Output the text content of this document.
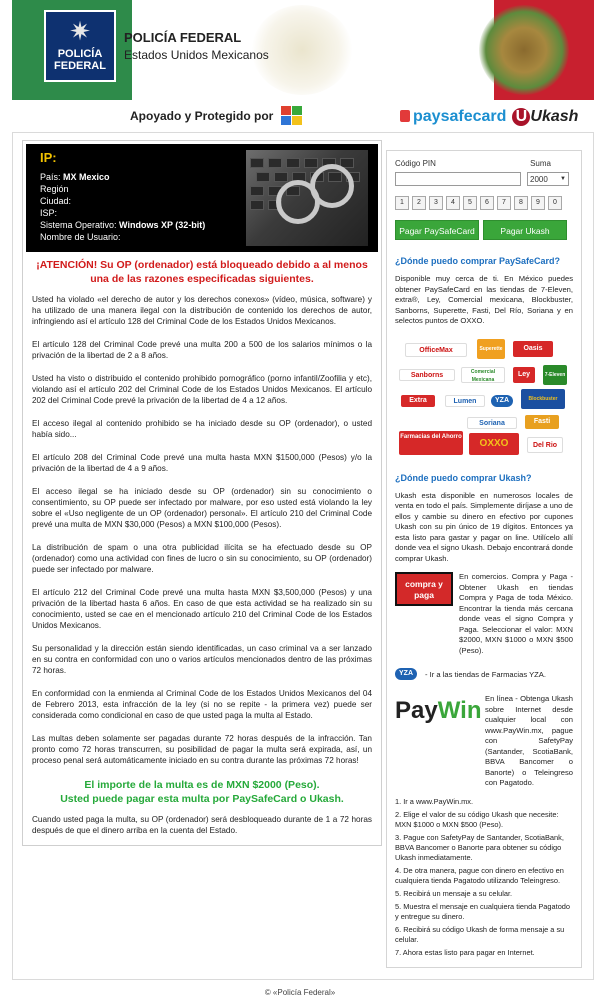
✷
POLICÍA
FEDERAL
POLICÍA FEDERAL
Estados Unidos Mexicanos
Apoyado y Protegido por	paysafecard U Ukash
IP:
País: MX Mexico
Región
Ciudad:
ISP:
Sistema Operativo: Windows XP (32-bit)
Nombre de Usuario:
¡ATENCIÓN! Su OP (ordenador) está bloqueado debido a al menos una de las razones especificadas siguientes.

Usted ha violado «el derecho de autor y los derechos conexos» (vídeo, música, software) y ha utilizado de una manera ilegal con la distribución de contenido los derechos de autor, infringiendo así el artículo 128 del Criminal Code de los Estados Unidos Mexicanos.

El artículo 128 del Criminal Code prevé una multa 200 a 500 de los salarios mínimos o la privación de la libertad de 2 a 8 años.

Usted ha visto o distribuido el contenido prohibido pornográfico (porno infantil/Zoofilia y etc), violando así el artículo 202 del Criminal Code de los Estados Unidos Mexicanos. El artículo 202 del Criminal Code prevé la privación de la libertad de 4 a 12 años.

El acceso ilegal al contenido prohibido se ha iniciado desde su OP (ordenador), o usted había sido...

El artículo 208 del Criminal Code prevé una multa hasta MXN $1500,000 (Pesos) y/o la privación de la libertad de 4 a 9 años.

El acceso ilegal se ha iniciado desde su OP (ordenador) sin su conocimiento o consentimiento, su OP puede ser infectado por malware, por eso usted está violando la ley sobre el «Uso negligente de un OP (ordenador) personal». El artículo 210 del Criminal Code prevé una multa de MXN $30,000 (Pesos) a MXN $100,000 (Pesos).

La distribución de spam o una otra publicidad ilícita se ha efectuado desde su OP (ordenador) como una actividad con fines de lucro o sin su conocimiento, su OP (ordenador) puede ser infectado por malware.

El artículo 212 del Criminal Code prevé una multa hasta MXN $3,500,000 (Pesos) y una privación de la libertad hasta 6 años. En caso de que esta actividad se ha realizado sin su conocimiento, usted se cae en el mencionado artículo 210 del Criminal Code de los Estados Unidos Mexicanos.

Su personalidad y la dirección están siendo identificadas, un caso criminal va a ser lanzado en su contra en conformidad con uno o varios artículos mencionados dentro de las próximas 72 horas.

En conformidad con la enmienda al Criminal Code de los Estados Unidos Mexicanos del 04 de Febrero 2013, esta infracción de la ley (si no se repite - la primera vez) puede ser considerada como condicional en caso de que usted paga la multa al Estado.

Las multas deben solamente ser pagadas durante 72 horas después de la infracción. Tan pronto como 72 horas transcurren, su posibilidad de pagar la multa será expirada, así, un proceso penal será automáticamente iniciado en su contra durante las próximas 72 horas!

El importe de la multa es de MXN $2000 (Peso).
Usted puede pagar esta multa por PaySafeCard o Ukash.

Cuando usted paga la multa, su OP (ordenador) será desbloqueado durante de 1 a 72 horas después de que el dinero arriba en la cuenta del Estado.

Código PIN	Suma
2000 ▼
1	2	3	4	5	6	7	8	9	0
Pagar PaySafeCard	Pagar Ukash
¿Dónde puedo comprar PaySafeCard?
Disponible muy cerca de ti. En México puedes obtener PaySafeCard en las tiendas de 7-Eleven, extra®, Ley, Comercial mexicana, Blockbuster, Sanborns, Superette, Fasti, Del Río, Soriana y en selectos puntos de OXXO.
OfficeMax	Superette	Oasis
Sanborns	Comercial Mexicana
Ley	7-Eleven
Extra	Lumen	YZA	Blockbuster
Soriana	Fasti
Farmacias del Ahorro
OXXO	Del Rio
¿Dónde puedo comprar Ukash?
Ukash esta disponible en numerosos locales de venta en todo el país. Simplemente diríjase a uno de ellos y cambie su dinero en efectivo por cupones Ukash con su pin único de 19 dígitos. Entonces ya esta listo para gastar y pagar on line. Utilícelo allí donde vea el signo Ukash. Debajo encontrará donde comprar Ukash.
compra y paga
En comercios. Compra y Paga - Obtener Ukash en tiendas Compra y Paga de toda México. Encontrar la tienda más cercana donde veas el signo Compra y Paga. Seleccionar el valor: MXN $2000, MXN $1000 o MXN $500 (Peso).
YZA	- Ir a las tiendas de Farmacias YZA.
PayWin En línea - Obtenga Ukash sobre Internet desde cualquier local con www.PayWin.mx, pague con SafetyPay (Santander, ScotiaBank, BBVA Bancomer o Banorte) o Teleingreso con Pagatodo.

1. Ir a www.PayWin.mx.

2. Elige el valor de su código Ukash que necesite: MXN $1000 o MXN $500 (Peso).

3. Pague con SafetyPay de Santander, ScotiaBank, BBVA Bancomer o Banorte para obtener su código Ukash inmediatamente.

4. De otra manera, pague con dinero en efectivo en cualquiera tienda Pagatodo utilizando Teleingreso.

5. Recibirá un mensaje a su celular.

5. Muestra el mensaje en cualquiera tienda Pagatodo y entregue su dinero.

6. Recibirá su código Ukash de forma mensaje a su celular.

7. Ahora estas listo para pagar en Internet.

© «Policía Federal»
